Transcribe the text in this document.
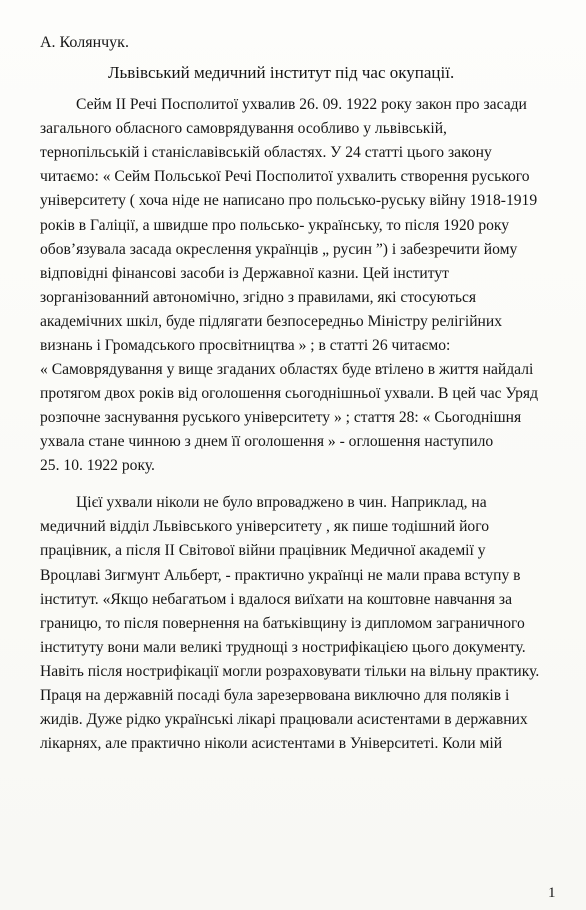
А. Колянчук.
Львівський медичний інститут під час окупації.
Сейм ІІ Речі Посполитої ухвалив 26. 09. 1922 року закон про засади
загального обласного самоврядування особливо у львівській,
тернопільській і станіславівській областях. У 24 статті цього закону
читаємо: « Сейм Польської Речі Посполитої ухвалить створення руського
університету ( хоча ніде не написано про польсько-руську війну 1918-1919
років в Галіції, а швидше про польсько- українську, то після 1920 року
обов’язувала засада окреслення українців „ русин ”) і забезречити йому
відповідні фінансові засоби із Державної казни. Цей інститут
зорганізованний автономічно, згідно з правилами, які стосуються
академічних шкіл, буде підлягати безпосередньо Міністру релігійних
визнань і Громадського просвітництва » ; в статті 26 читаємо:
« Самоврядування у вище згаданих областях буде втілено в життя найдалі
протягом двох років від оголошення сьогоднішньої ухвали. В цей час Уряд
розпочне заснування руського університету » ; стаття 28: « Сьогоднішня
ухвала стане чинною з днем її оголошення » - оглошення наступило
25. 10. 1922 року.
Цієї ухвали ніколи не було впроваджено в чин. Наприклад, на
медичний відділ Львівського університету , як пише тодішний його
працівник, а після ІІ Світової війни працівник Медичної академії у
Вроцлаві Зигмунт Альберт, - практично українці не мали права вступу в
інститут. «Якщо небагатьом і вдалося виїхати на коштовне навчання за
границю, то після повернення на батьківщину із дипломом заграничного
інституту вони мали великі труднощі з нострифікацією цього документу.
Навіть після нострифікації могли розраховувати тільки на вільну практику.
Праця на державній посаді була зарезервована виключно для поляків і
жидів. Дуже рідко українські лікарі працювали асистентами в державних
лікарнях, але практично ніколи асистентами в Університеті. Коли мій
1
